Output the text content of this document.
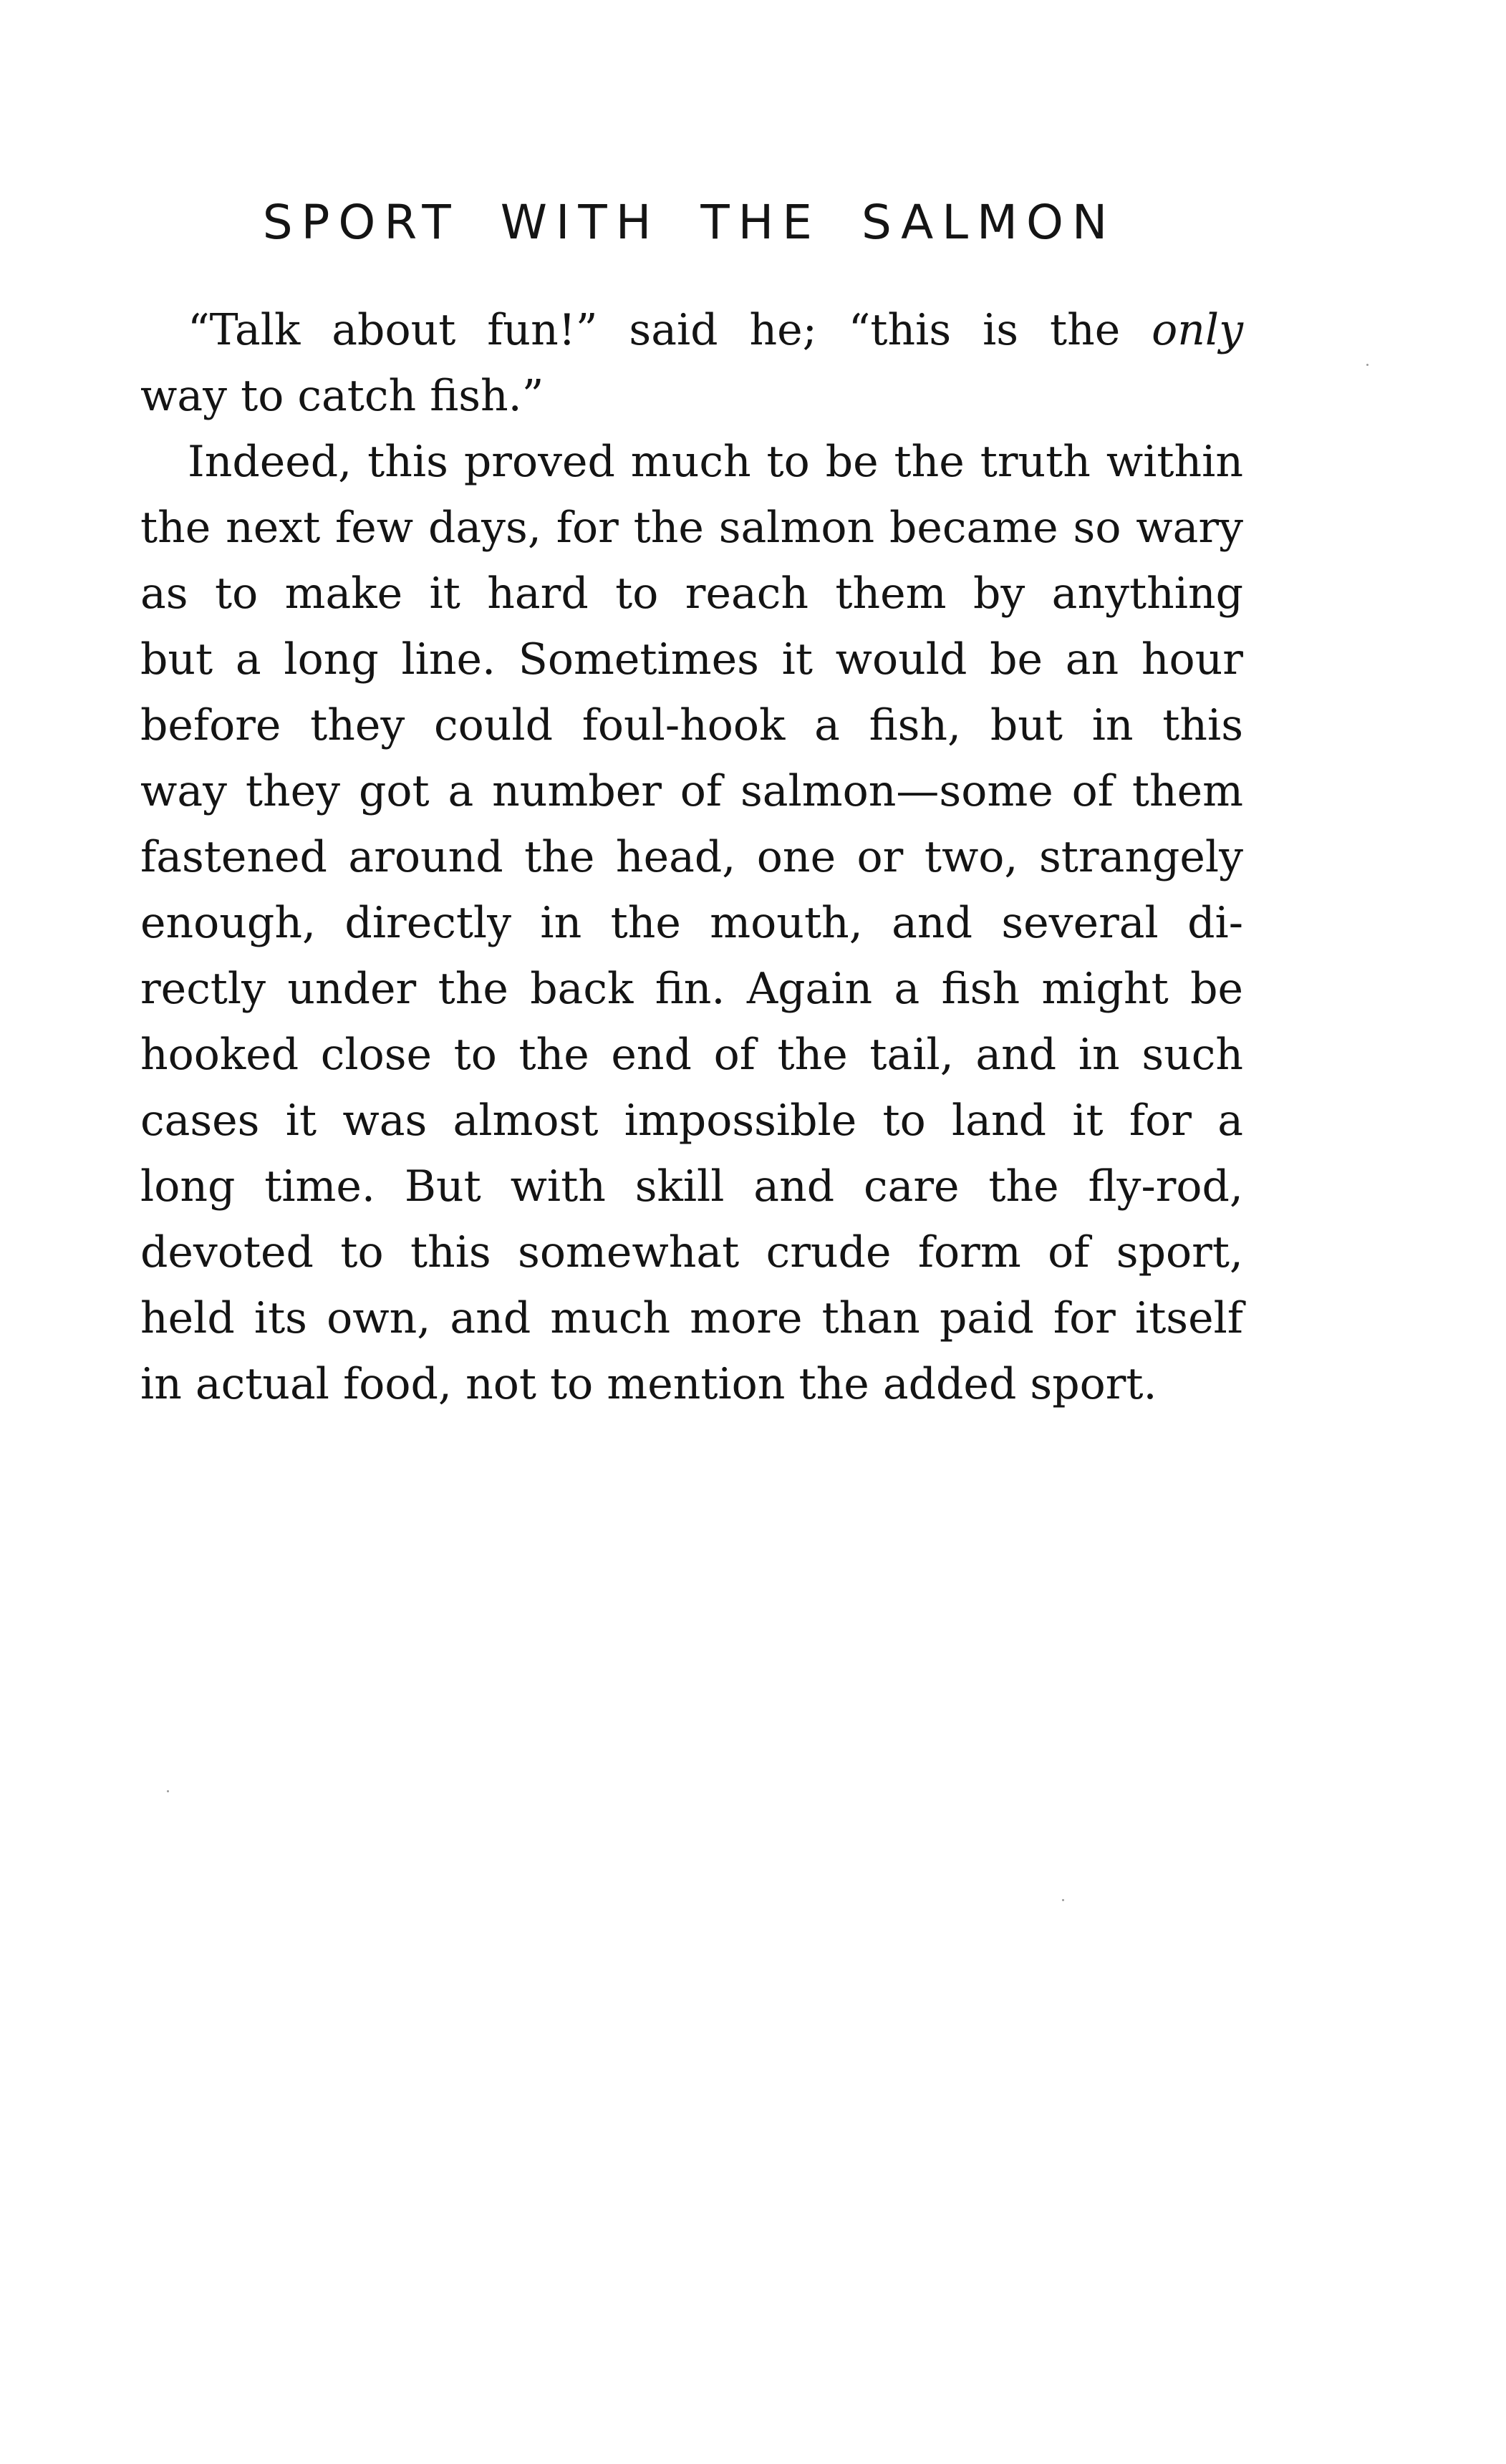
SPORT WITH THE SALMON
“Talk about fun!” said he; “this is the only
way to catch fish.”
Indeed, this proved much to be the truth within
the next few days, for the salmon became so wary
as to make it hard to reach them by anything
but a long line. Sometimes it would be an hour
before they could foul-hook a fish, but in this
way they got a number of salmon—some of them
fastened around the head, one or two, strangely
enough, directly in the mouth, and several di-
rectly under the back fin. Again a fish might be
hooked close to the end of the tail, and in such
cases it was almost impossible to land it for a
long time. But with skill and care the fly-rod,
devoted to this somewhat crude form of sport,
held its own, and much more than paid for itself
in actual food, not to mention the added sport.
